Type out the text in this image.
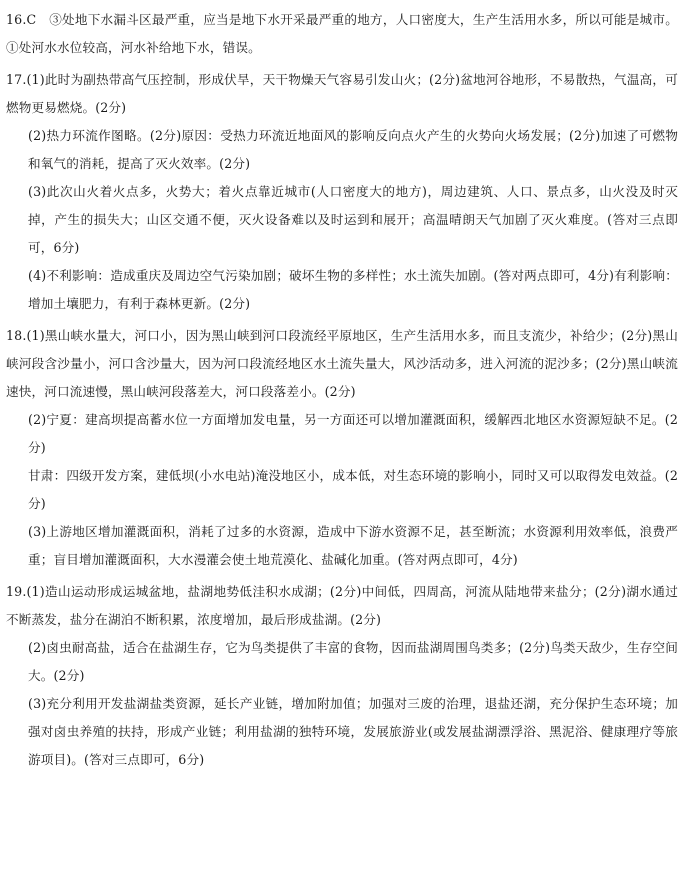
16.C　③处地下水漏斗区最严重，应当是地下水开采最严重的地方，人口密度大，生产生活用水多，所以可能是城市。①处河水水位较高，河水补给地下水，错误。

17.(1)此时为副热带高气压控制，形成伏旱，天干物燥天气容易引发山火；(2分)盆地河谷地形，不易散热，气温高，可燃物更易燃烧。(2分)

(2)热力环流作图略。(2分)原因：受热力环流近地面风的影响反向点火产生的火势向火场发展；(2分)加速了可燃物和氧气的消耗，提高了灭火效率。(2分)

(3)此次山火着火点多，火势大；着火点靠近城市(人口密度大的地方)，周边建筑、人口、景点多，山火没及时灭掉，产生的损失大；山区交通不便，灭火设备难以及时运到和展开；高温晴朗天气加剧了灭火难度。(答对三点即可，6分)

(4)不利影响：造成重庆及周边空气污染加剧；破坏生物的多样性；水土流失加剧。(答对两点即可，4分)有利影响：增加土壤肥力，有利于森林更新。(2分)

18.(1)黑山峡水量大，河口小，因为黑山峡到河口段流经平原地区，生产生活用水多，而且支流少，补给少；(2分)黑山峡河段含沙量小，河口含沙量大，因为河口段流经地区水土流失量大，风沙活动多，进入河流的泥沙多；(2分)黑山峡流速快，河口流速慢，黑山峡河段落差大，河口段落差小。(2分)

(2)宁夏：建高坝提高蓄水位一方面增加发电量，另一方面还可以增加灌溉面积，缓解西北地区水资源短缺不足。(2分)

甘肃：四级开发方案，建低坝(小水电站)淹没地区小，成本低，对生态环境的影响小，同时又可以取得发电效益。(2分)

(3)上游地区增加灌溉面积，消耗了过多的水资源，造成中下游水资源不足，甚至断流；水资源利用效率低，浪费严重；盲目增加灌溉面积，大水漫灌会使土地荒漠化、盐碱化加重。(答对两点即可，4分)

19.(1)造山运动形成运城盆地，盐湖地势低洼积水成湖；(2分)中间低，四周高，河流从陆地带来盐分；(2分)湖水通过不断蒸发，盐分在湖泊不断积累，浓度增加，最后形成盐湖。(2分)

(2)卤虫耐高盐，适合在盐湖生存，它为鸟类提供了丰富的食物，因而盐湖周围鸟类多；(2分)鸟类天敌少，生存空间大。(2分)

(3)充分利用开发盐湖盐类资源，延长产业链，增加附加值；加强对三废的治理，退盐还湖，充分保护生态环境；加强对卤虫养殖的扶持，形成产业链；利用盐湖的独特环境，发展旅游业(或发展盐湖漂浮浴、黑泥浴、健康理疗等旅游项目)。(答对三点即可，6分)
